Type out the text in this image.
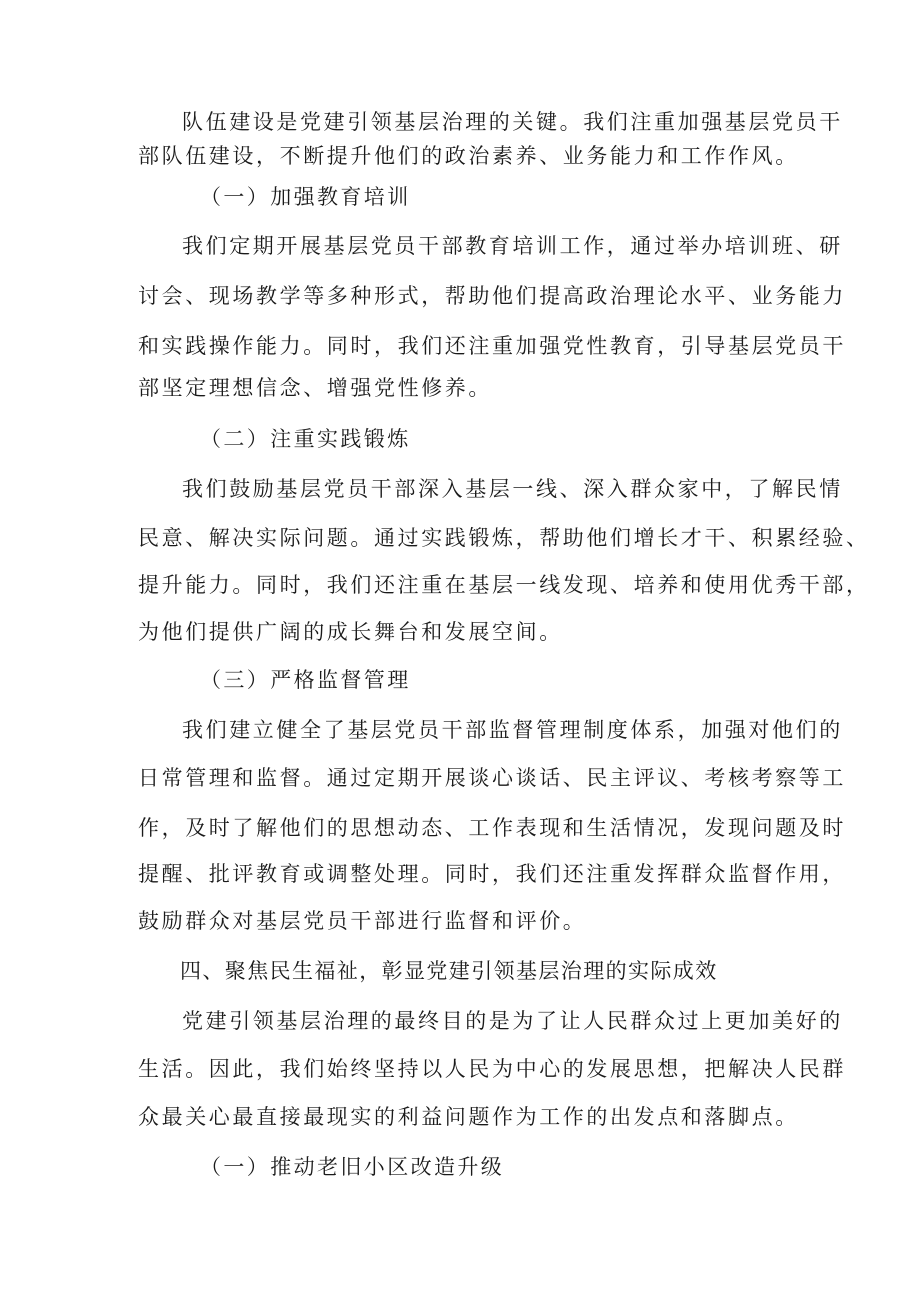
队伍建设是党建引领基层治理的关键。我们注重加强基层党员干
部队伍建设，不断提升他们的政治素养、业务能力和工作作风。
（一）加强教育培训
我们定期开展基层党员干部教育培训工作，通过举办培训班、研
讨会、现场教学等多种形式，帮助他们提高政治理论水平、业务能力
和实践操作能力。同时，我们还注重加强党性教育，引导基层党员干
部坚定理想信念、增强党性修养。
（二）注重实践锻炼
我们鼓励基层党员干部深入基层一线、深入群众家中，了解民情
民意、解决实际问题。通过实践锻炼，帮助他们增长才干、积累经验、
提升能力。同时，我们还注重在基层一线发现、培养和使用优秀干部，
为他们提供广阔的成长舞台和发展空间。
（三）严格监督管理
我们建立健全了基层党员干部监督管理制度体系，加强对他们的
日常管理和监督。通过定期开展谈心谈话、民主评议、考核考察等工
作，及时了解他们的思想动态、工作表现和生活情况，发现问题及时
提醒、批评教育或调整处理。同时，我们还注重发挥群众监督作用，
鼓励群众对基层党员干部进行监督和评价。
四、聚焦民生福祉，彰显党建引领基层治理的实际成效
党建引领基层治理的最终目的是为了让人民群众过上更加美好的
生活。因此，我们始终坚持以人民为中心的发展思想，把解决人民群
众最关心最直接最现实的利益问题作为工作的出发点和落脚点。
（一）推动老旧小区改造升级
